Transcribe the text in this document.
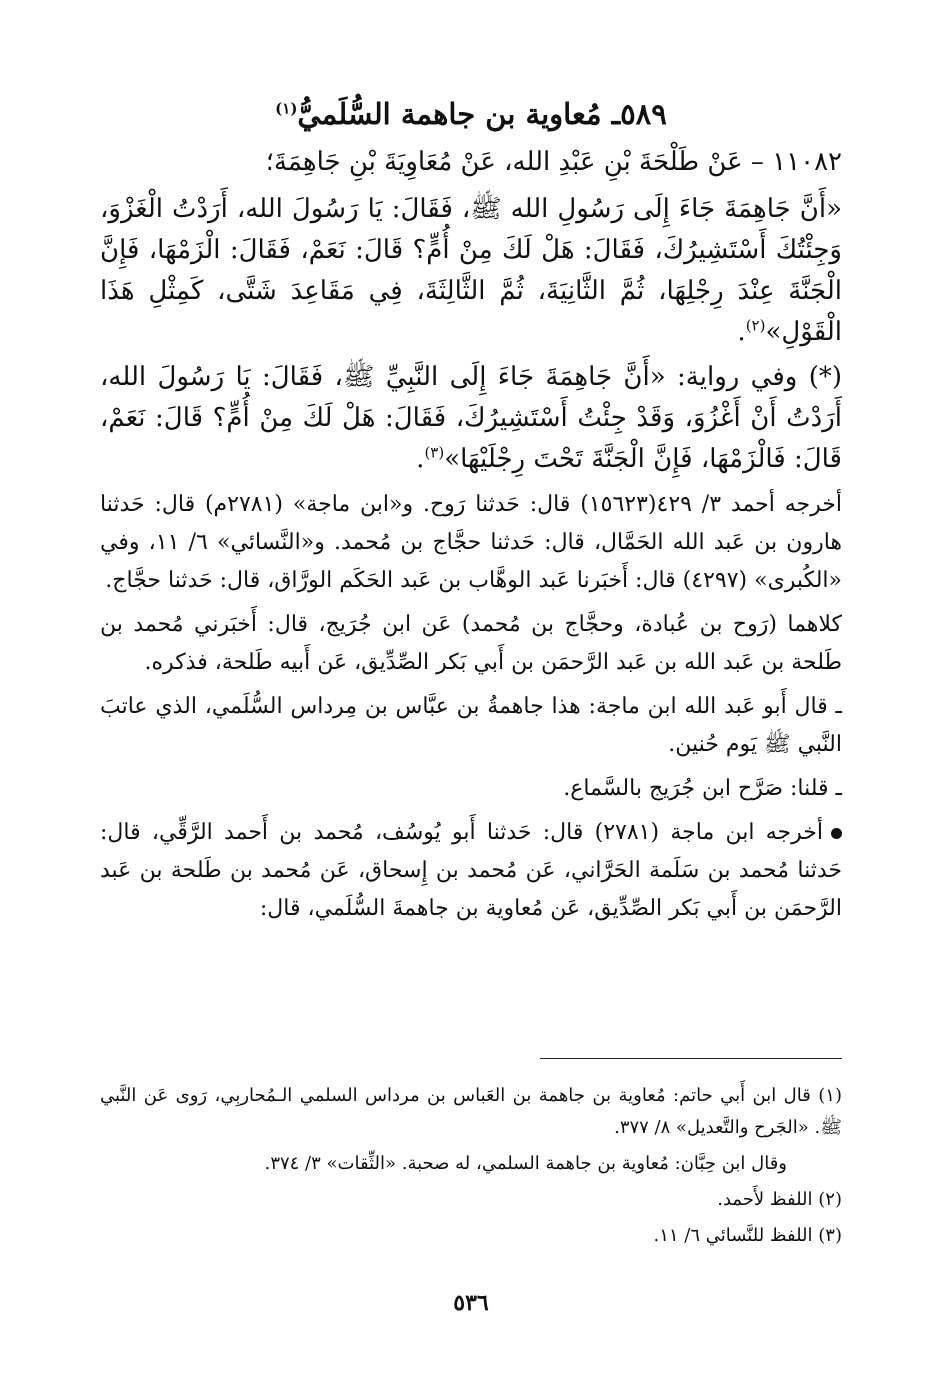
٥٨٩ـ مُعاوية بن جاهمة السُّلَميُّ$^{(١)}$

١١٠٨٢ – عَنْ طَلْحَةَ بْنِ عَبْدِ الله، عَنْ مُعَاوِيَةَ بْنِ جَاهِمَةَ؛

«أَنَّ جَاهِمَةَ جَاءَ إِلَى رَسُولِ الله ﷺ، فَقَالَ: يَا رَسُولَ الله، أَرَدْتُ الْغَزْوَ، وَجِئْتُكَ أَسْتَشِيرُكَ، فَقَالَ: هَلْ لَكَ مِنْ أُمٍّ؟ قَالَ: نَعَمْ، فَقَالَ: الْزَمْهَا، فَإِنَّ الْجَنَّةَ عِنْدَ رِجْلِهَا، ثُمَّ الثَّانِيَةَ، ثُمَّ الثَّالِثَةَ، فِي مَقَاعِدَ شَتَّى، كَمِثْلِ هَذَا الْقَوْلِ»$^{(٢)}$.

(*) وفي رواية: «أَنَّ جَاهِمَةَ جَاءَ إِلَى النَّبِيِّ ﷺ، فَقَالَ: يَا رَسُولَ الله، أَرَدْتُ أَنْ أَغْزُوَ، وَقَدْ جِئْتُ أَسْتَشِيرُكَ، فَقَالَ: هَلْ لَكَ مِنْ أُمٍّ؟ قَالَ: نَعَمْ، قَالَ: فَالْزَمْهَا، فَإِنَّ الْجَنَّةَ تَحْتَ رِجْلَيْهَا»$^{(٣)}$.

أخرجه أحمد ٣/ ٤٢٩(١٥٦٢٣) قال: حَدثنا رَوح. و«ابن ماجة» (٢٧٨١م) قال: حَدثنا هارون بن عَبد الله الحَمَّال، قال: حَدثنا حجَّاج بن مُحمد. و«النَّسائي» ٦/ ١١، وفي «الكُبرى» (٤٢٩٧) قال: أَخبَرنا عَبد الوهَّاب بن عَبد الحَكَم الورَّاق، قال: حَدثنا حجَّاج.

كلاهما (رَوح بن عُبادة، وحجَّاج بن مُحمد) عَن ابن جُرَيج، قال: أَخبَرني مُحمد بن طَلحة بن عَبد الله بن عَبد الرَّحمَن بن أَبي بَكر الصِّدِّيق، عَن أَبيه طَلحة، فذكره.

ـ قال أَبو عَبد الله ابن ماجة: هذا جاهمةُ بن عبَّاس بن مِرداس السُّلَمي، الذي عاتبَ النَّبي ﷺ يَوم حُنين.

ـ قلنا: صَرَّح ابن جُرَيج بالسَّماع.

أخرجه ابن ماجة (٢٧٨١) قال: حَدثنا أَبو يُوسُف، مُحمد بن أَحمد الرَّقِّي، قال: حَدثنا مُحمد بن سَلَمة الحَرَّاني، عَن مُحمد بن إِسحاق، عَن مُحمد بن طَلحة بن عَبد الرَّحمَن بن أَبي بَكر الصِّدِّيق، عَن مُعاوية بن جاهمةَ السُّلَمي، قال:

(١) قال ابن أَبي حاتم: مُعاوية بن جاهمة بن العَباس بن مرداس السلمي الـمُحاربِي، رَوى عَن النَّبي ﷺ. «الجَرح والتَّعديل» ٨/ ٣٧٧.

وقال ابن حِبَّان: مُعاوية بن جاهمة السلمي، له صحبة. «الثِّقات» ٣/ ٣٧٤.

(٢) اللفظ لأَحمد.

(٣) اللفظ للنَّسائي ٦/ ١١.

٥٣٦
